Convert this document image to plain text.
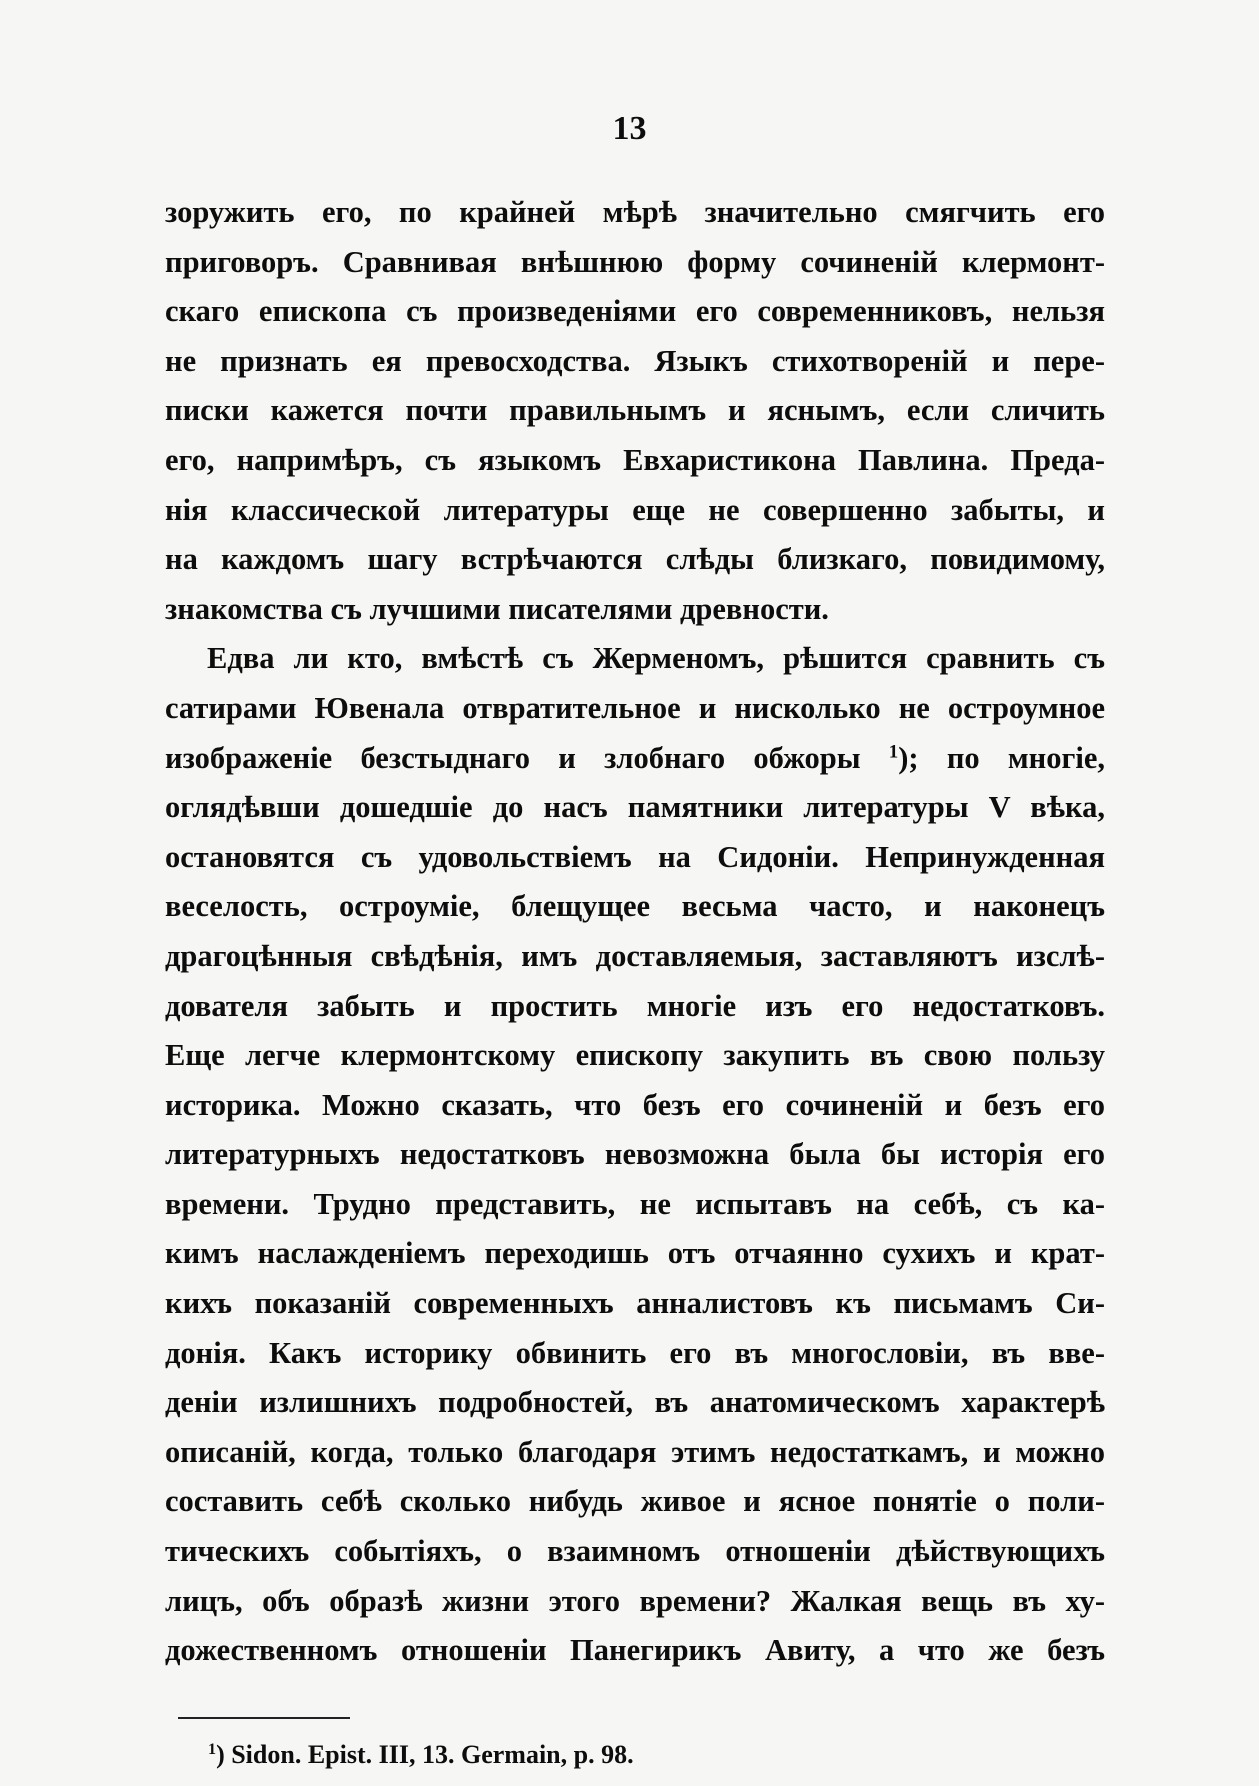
13
зоружить его, по крайней мѣрѣ значительно смягчить его
приговоръ. Сравнивая внѣшнюю форму сочиненій клермонт-
скаго епископа съ произведеніями его современниковъ, нельзя
не признать ея превосходства. Языкъ стихотвореній и пере-
писки кажется почти правильнымъ и яснымъ, если сличить
его, напримѣръ, съ языкомъ Евхаристикона Павлина. Преда-
нія классической литературы еще не совершенно забыты, и
на каждомъ шагу встрѣчаются слѣды близкаго, повидимому,
знакомства съ лучшими писателями древности.
Едва ли кто, вмѣстѣ съ Жерменомъ, рѣшится сравнить съ
сатирами Ювенала отвратительное и нисколько не остроумное
изображеніе безстыднаго и злобнаго обжоры $^1$); по многіе,
оглядѣвши дошедшіе до насъ памятники литературы V вѣка,
остановятся съ удовольствіемъ на Сидоніи. Непринужденная
веселость, остроуміе, блещущее весьма часто, и наконецъ
драгоцѣнныя свѣдѣнія, имъ доставляемыя, заставляютъ изслѣ-
дователя забыть и простить многіе изъ его недостатковъ.
Еще легче клермонтскому епископу закупить въ свою пользу
историка. Можно сказать, что безъ его сочиненій и безъ его
литературныхъ недостатковъ невозможна была бы исторія его
времени. Трудно представить, не испытавъ на себѣ, съ ка-
кимъ наслажденіемъ переходишь отъ отчаянно сухихъ и крат-
кихъ показаній современныхъ анналистовъ къ письмамъ Си-
донія. Какъ историку обвинить его въ многословіи, въ вве-
деніи излишнихъ подробностей, въ анатомическомъ характерѣ
описаній, когда, только благодаря этимъ недостаткамъ, и можно
составить себѣ сколько нибудь живое и ясное понятіе о поли-
тическихъ событіяхъ, о взаимномъ отношеніи дѣйствующихъ
лицъ, объ образѣ жизни этого времени? Жалкая вещь въ ху-
дожественномъ отношеніи Панегирикъ Авиту, а что же безъ
$^1$) Sidon. Epist. III, 13. Germain, p. 98.
